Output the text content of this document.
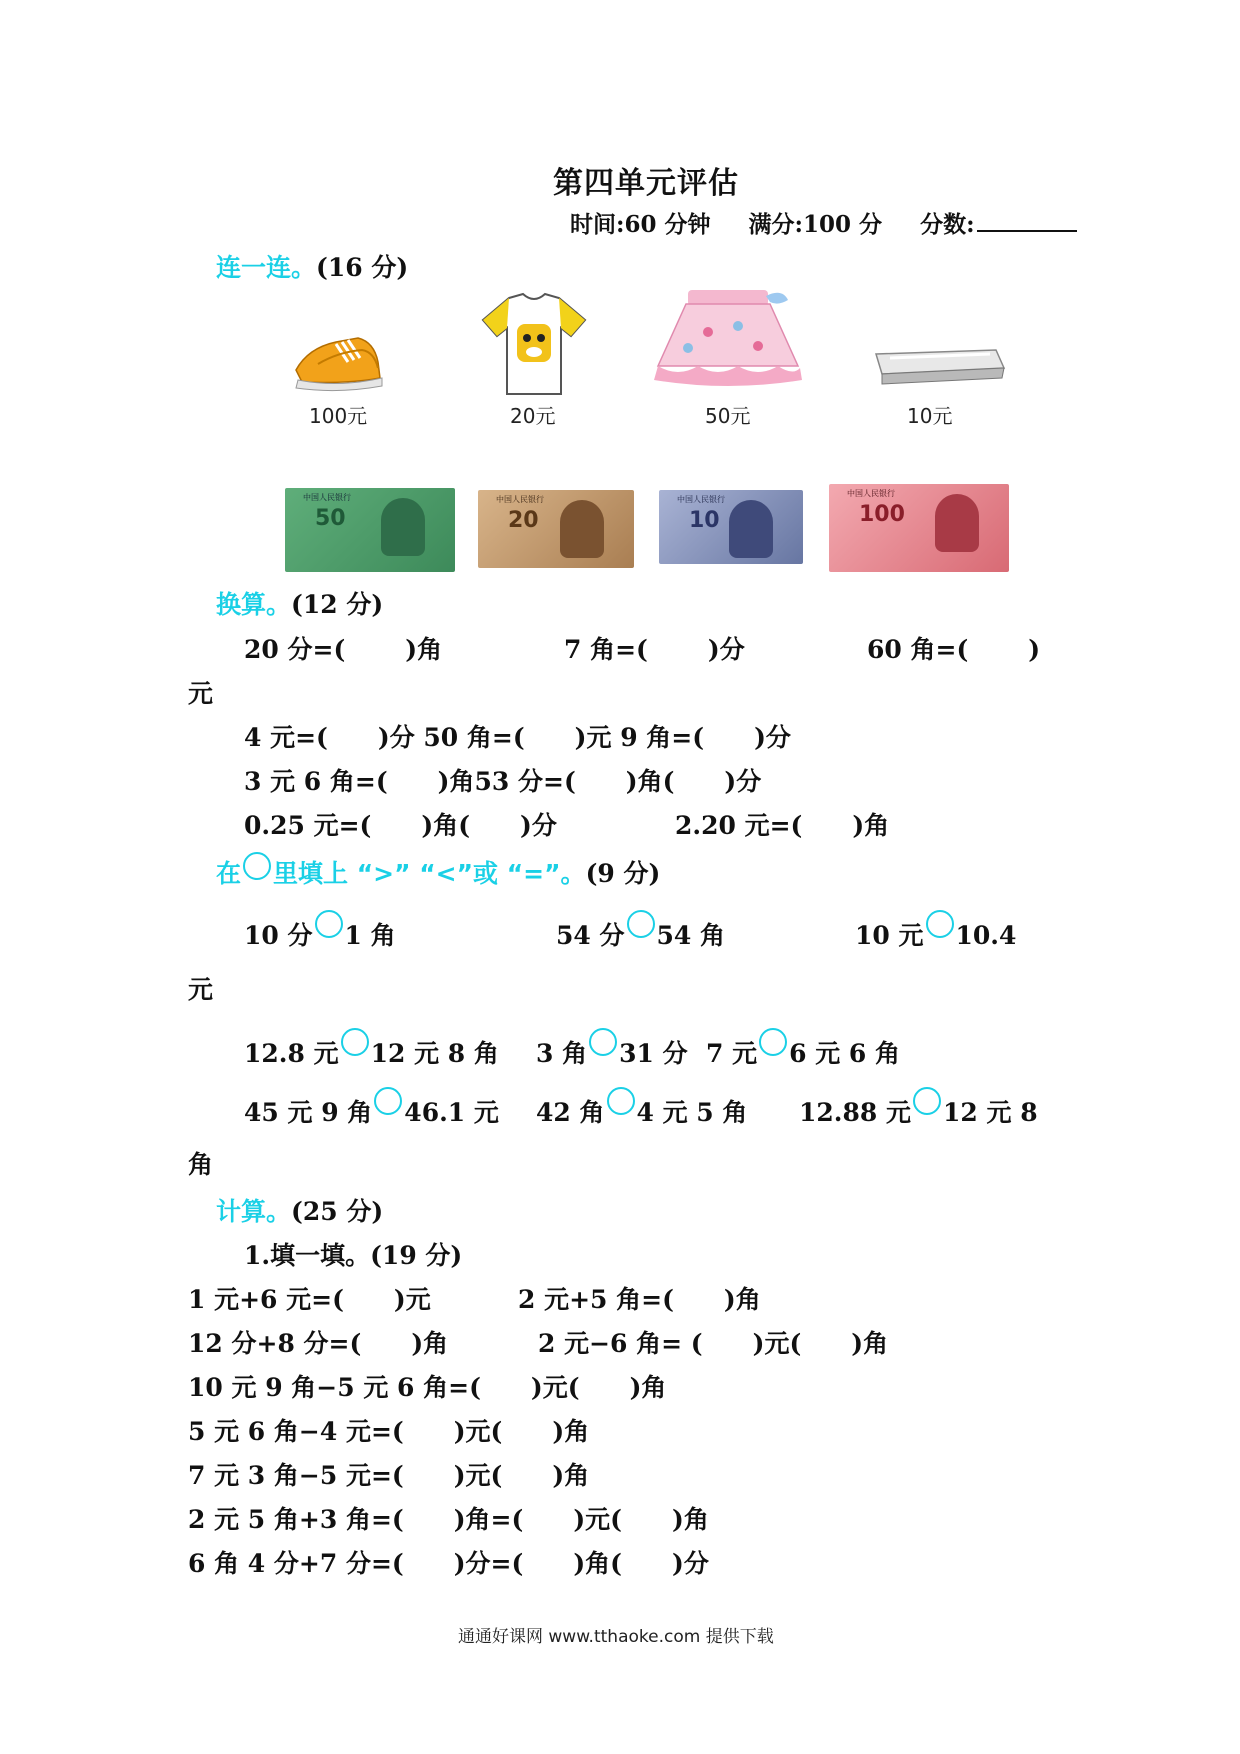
第四单元评估
时间:60 分钟 满分:100 分 分数:
连一连。(16 分)
100元	20元	50元	10元
中国人民银行
50
中国人民银行
20
中国人民银行
10
中国人民银行
100
换算。(12 分)
20 分=( )角	7 角=( )分	60 角=( )
元
4 元=(　　)分 50 角=(　　)元 9 角=(　　)分
3 元 6 角=(　　)角53 分=(　　)角(　　)分
0.25 元=(　　)角(　　)分	2.20 元=(　　)角
在 里填上 “>” “<”或 “=”。(9 分)
10 分 1 角	54 分 54 角	10 元 10.4
元
12.8 元 12 元 8 角 3 角 31 分 7 元 6 元 6 角
45 元 9 角 46.1 元 42 角 4 元 5 角 12.88 元 12 元 8
角
计算。(25 分)
1.填一填。(19 分)
1 元+6 元=(　　)元	2 元+5 角=(　　)角
12 分+8 分=(　　)角	2 元−6 角= (　　)元(　　)角
10 元 9 角−5 元 6 角=(　　)元(　　)角
5 元 6 角−4 元=(　　)元(　　)角
7 元 3 角−5 元=(　　)元(　　)角
2 元 5 角+3 角=(　　)角=(　　)元(　　)角
6 角 4 分+7 分=(　　)分=(　　)角(　　)分
通通好课网 www.tthaoke.com 提供下载
